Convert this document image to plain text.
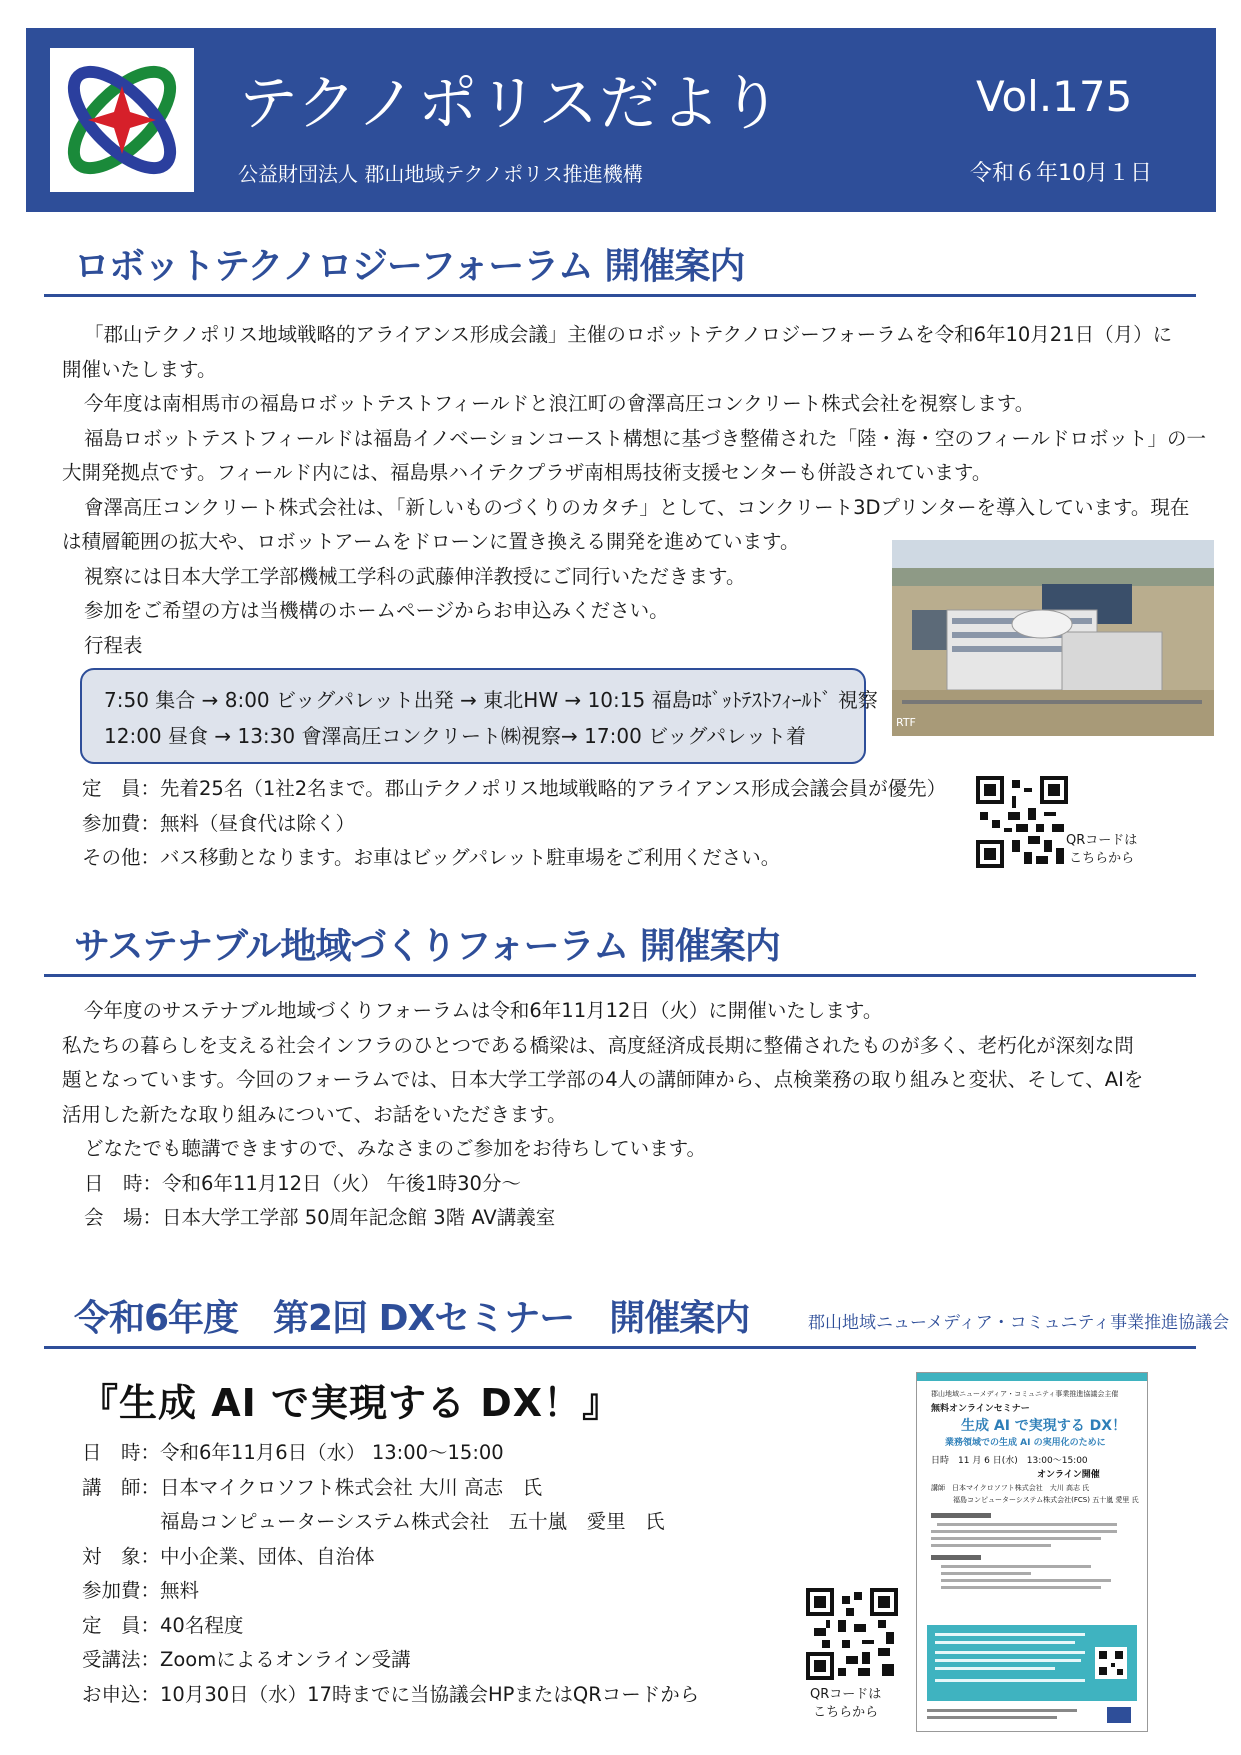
テクノポリスだより
公益財団法人 郡山地域テクノポリス推進機構
Vol.175
令和６年10月１日
ロボットテクノロジーフォーラム 開催案内

「郡山テクノポリス地域戦略的アライアンス形成会議」主催のロボットテクノロジーフォーラムを令和6年10月21日（月）に

開催いたします。

今年度は南相馬市の福島ロボットテストフィールドと浪江町の會澤高圧コンクリート株式会社を視察します。

福島ロボットテストフィールドは福島イノベーションコースト構想に基づき整備された「陸・海・空のフィールドロボット」の一

大開発拠点です。フィールド内には、福島県ハイテクプラザ南相馬技術支援センターも併設されています。

會澤高圧コンクリート株式会社は、「新しいものづくりのカタチ」として、コンクリート3Dプリンターを導入しています。現在

は積層範囲の拡大や、ロボットアームをドローンに置き換える開発を進めています。

視察には日本大学工学部機械工学科の武藤伸洋教授にご同行いただきます。

参加をご希望の方は当機構のホームページからお申込みください。

行程表

RTF
7:50 集合 → 8:00 ビッグパレット出発 → 東北HW → 10:15 福島ﾛﾎﾞｯﾄﾃｽﾄﾌｨｰﾙﾄﾞ 視察
12:00 昼食 → 13:30 會澤高圧コンクリート㈱視察→ 17:00 ビッグパレット着

定　員：先着25名（1社2名まで。郡山テクノポリス地域戦略的アライアンス形成会議会員が優先）

参加費：無料（昼食代は除く）

その他：バス移動となります。お車はビッグパレット駐車場をご利用ください。

QRコードは
こちらから
サステナブル地域づくりフォーラム 開催案内

今年度のサステナブル地域づくりフォーラムは令和6年11月12日（火）に開催いたします。

私たちの暮らしを支える社会インフラのひとつである橋梁は、高度経済成長期に整備されたものが多く、老朽化が深刻な問

題となっています。今回のフォーラムでは、日本大学工学部の4人の講師陣から、点検業務の取り組みと変状、そして、AIを

活用した新たな取り組みについて、お話をいただきます。

どなたでも聴講できますので、みなさまのご参加をお待ちしています。

日　時：令和6年11月12日（火） 午後1時30分～

会　場：日本大学工学部 50周年記念館 3階 AV講義室

令和6年度　第2回 DXセミナー　開催案内	郡山地域ニューメディア・コミュニティ事業推進協議会
『生成 AI で実現する DX！』

日　時：令和6年11月6日（水） 13:00～15:00

講　師：日本マイクロソフト株式会社 大川 高志　氏

　　　　福島コンピューターシステム株式会社　五十嵐　愛里　氏

対　象：中小企業、団体、自治体

参加費：無料

定　員：40名程度

受講法：Zoomによるオンライン受講

お申込：10月30日（水）17時までに当協議会HPまたはQRコードから	QRコードは
こちらから
郡山地域ニューメディア・コミュニティ事業推進協議会主催
無料オンラインセミナー
生成 AI で実現する DX！
業務領域での生成 AI の実用化のために
日時　11 月 6 日(水)　13:00～15:00
オンライン開催
講師　日本マイクロソフト株式会社　大川 高志 氏
福島コンピューターシステム株式会社(FCS) 五十嵐 愛里 氏
